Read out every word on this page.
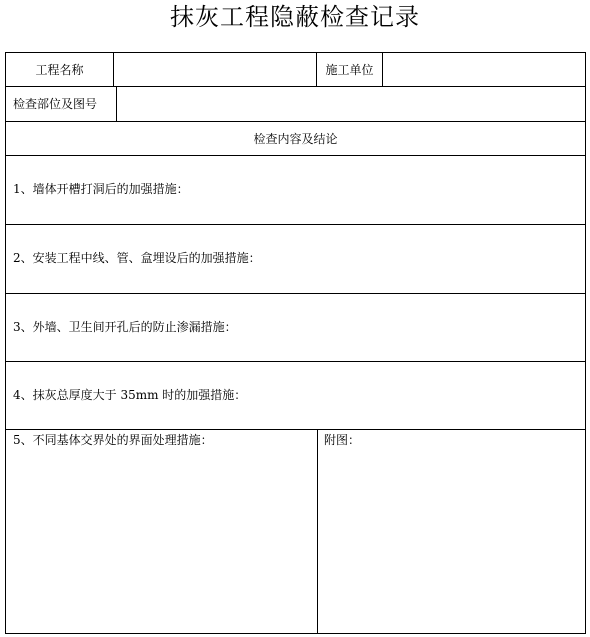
抹灰工程隐蔽检查记录
工程名称	施工单位
检查部位及图号
检查内容及结论
1、墙体开槽打洞后的加强措施：
2、安装工程中线、管、盒埋设后的加强措施：
3、外墙、卫生间开孔后的防止渗漏措施：
4、抹灰总厚度大于 35mm 时的加强措施：
5、不同基体交界处的界面处理措施：	附图：
